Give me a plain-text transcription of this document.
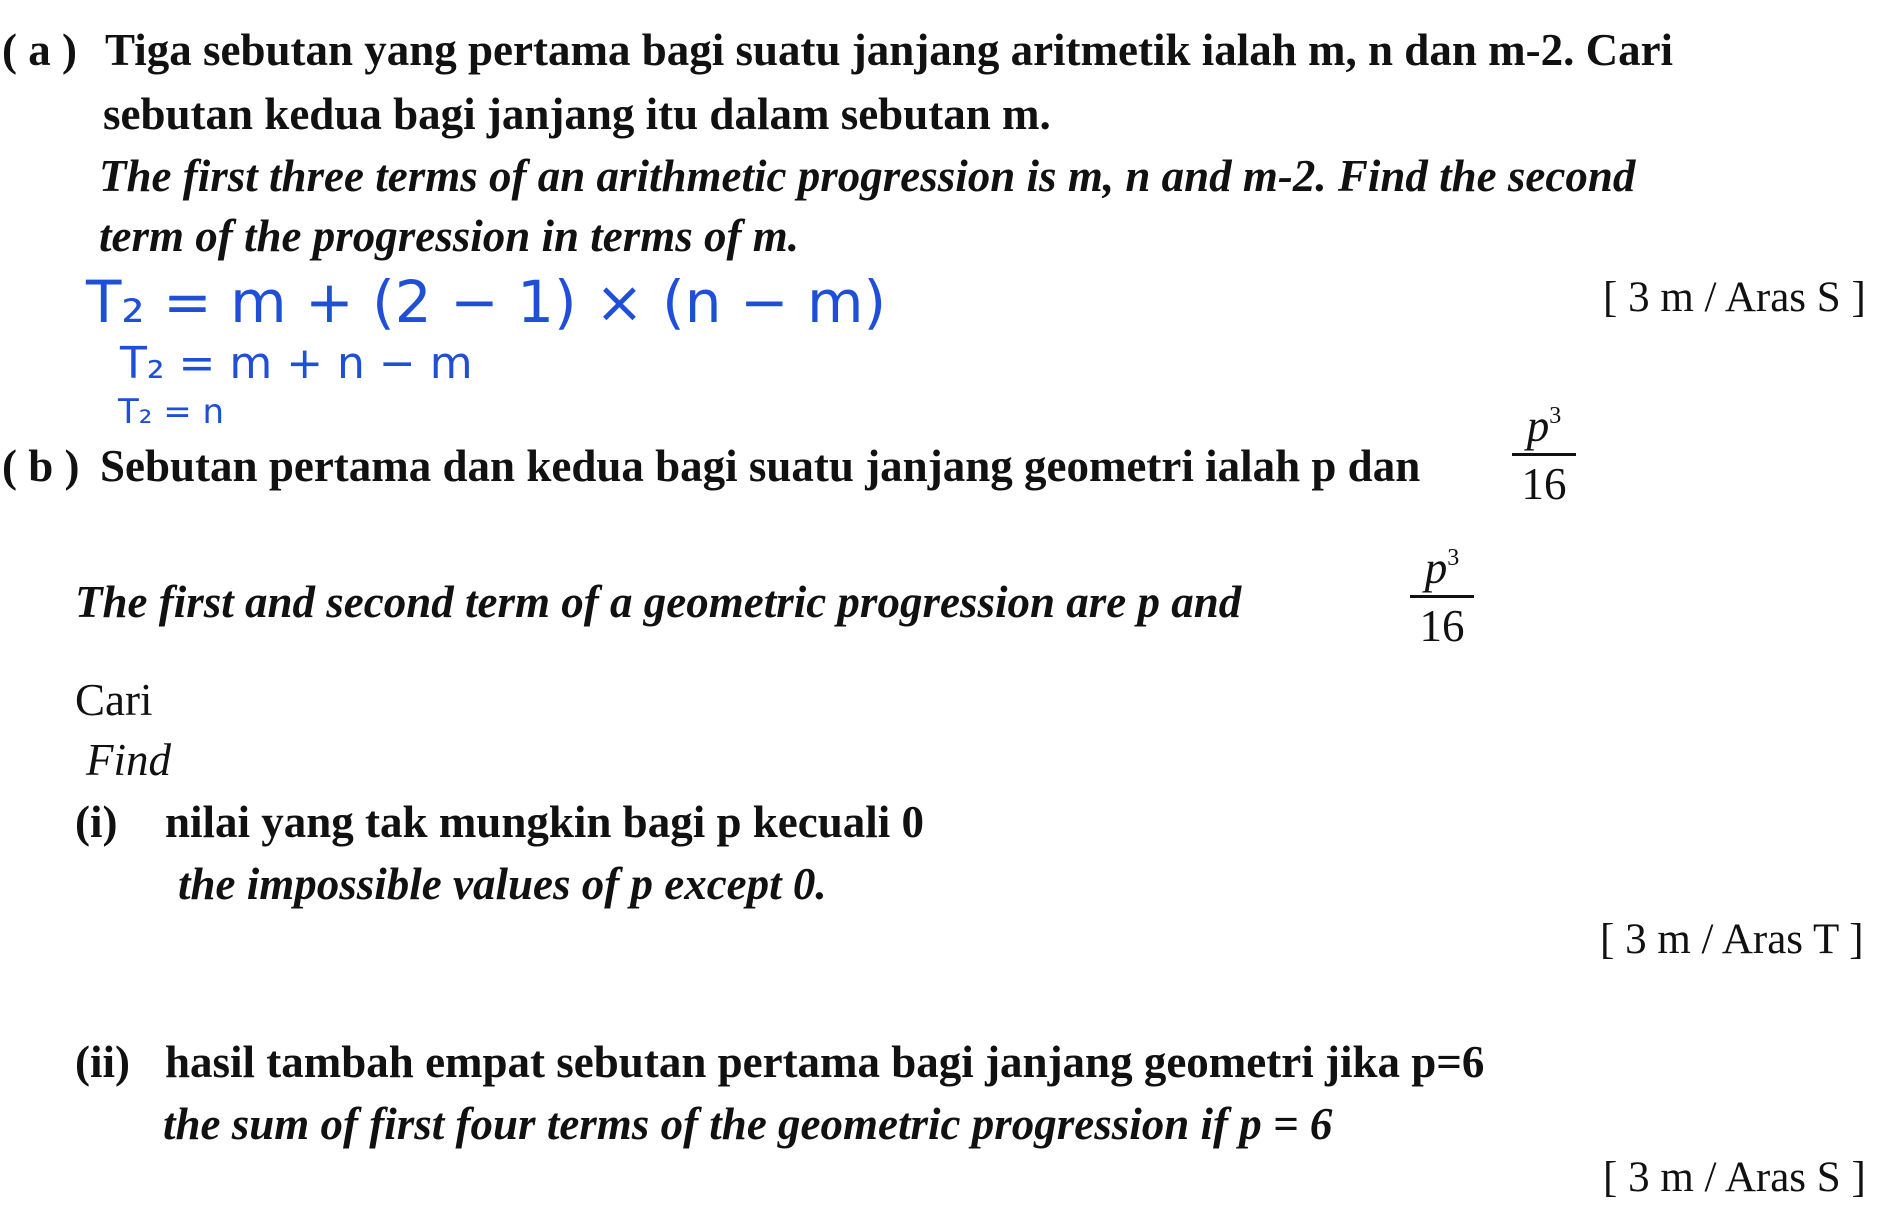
( a ) Tiga sebutan yang pertama bagi suatu janjang aritmetik ialah m, n dan m-2. Cari
sebutan kedua bagi janjang itu dalam sebutan m.
The first three terms of an arithmetic progression is m, n and m-2. Find the second
term of the progression in terms of m.
[ 3 m / Aras S ]
T₂ = m + (2 − 1) × (n − m)
T₂ = m + n − m
T₂ = n
( b ) Sebutan pertama dan kedua bagi suatu janjang geometri ialah p dan
$p^3$
16
The first and second term of a geometric progression are p and
$p^3$
16
Cari
Find
(i) nilai yang tak mungkin bagi p kecuali 0
the impossible values of p except 0.
[ 3 m / Aras T ]
(ii) hasil tambah empat sebutan pertama bagi janjang geometri jika p=6
the sum of first four terms of the geometric progression if p = 6
[ 3 m / Aras S ]
